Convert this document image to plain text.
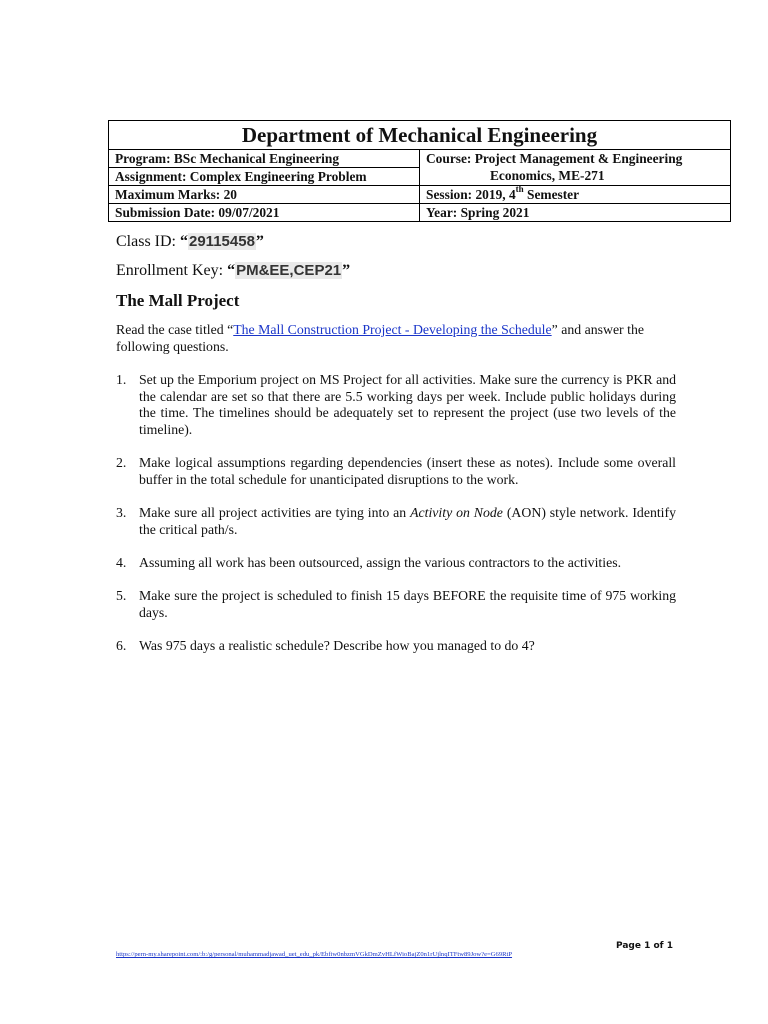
Department of Mechanical Engineering	
Program: BSc Mechanical Engineering	Course: Project Management & Engineering
Economics, ME-271

Assignment: Complex Engineering Problem	
Maximum Marks: 20	Session: 2019, 4th Semester
Submission Date: 09/07/2021	Year: Spring 2021
Class ID: “29115458”
Enrollment Key: “PM&EE,CEP21”
The Mall Project
Read the case titled “The Mall Construction Project - Developing the Schedule” and answer the following questions.
1. Set up the Emporium project on MS Project for all activities. Make sure the currency is PKR and the calendar are set so that there are 5.5 working days per week. Include public holidays during the time. The timelines should be adequately set to represent the project (use two levels of the timeline).
2. Make logical assumptions regarding dependencies (insert these as notes). Include some overall buffer in the total schedule for unanticipated disruptions to the work.
3. Make sure all project activities are tying into an Activity on Node (AON) style network. Identify the critical path/s.
4. Assuming all work has been outsourced, assign the various contractors to the activities.
5. Make sure the project is scheduled to finish 15 days BEFORE the requisite time of 975 working days.
6. Was 975 days a realistic schedule? Describe how you managed to do 4?
Page 1 of 1
https://pern-my.sharepoint.com/:b:/g/personal/muhammadjawad_uet_edu_pk/Ebfiw0nbzmVGkDmZvHLfWioBajZ0n1rUjlnqITFtw89Jow?e=G69RtP
